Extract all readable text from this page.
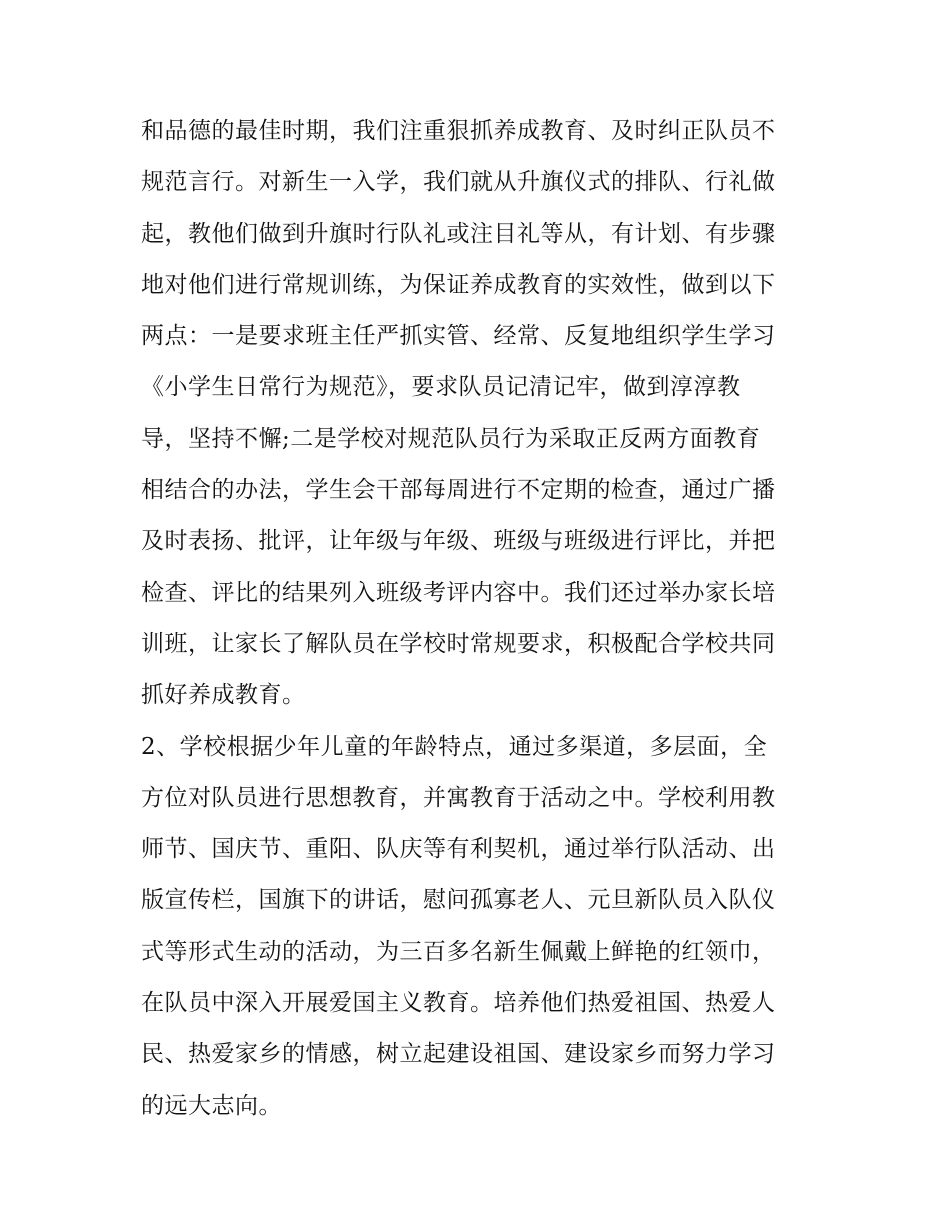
和品德的最佳时期，我们注重狠抓养成教育、及时纠正队员不
规范言行。对新生一入学，我们就从升旗仪式的排队、行礼做
起，教他们做到升旗时行队礼或注目礼等从，有计划、有步骤
地对他们进行常规训练，为保证养成教育的实效性，做到以下
两点：一是要求班主任严抓实管、经常、反复地组织学生学习
《小学生日常行为规范》，要求队员记清记牢，做到淳淳教
导，坚持不懈;二是学校对规范队员行为采取正反两方面教育
相结合的办法，学生会干部每周进行不定期的检查，通过广播
及时表扬、批评，让年级与年级、班级与班级进行评比，并把
检查、评比的结果列入班级考评内容中。我们还过举办家长培
训班，让家长了解队员在学校时常规要求，积极配合学校共同
抓好养成教育。
2、学校根据少年儿童的年龄特点，通过多渠道，多层面，全
方位对队员进行思想教育，并寓教育于活动之中。学校利用教
师节、国庆节、重阳、队庆等有利契机，通过举行队活动、出
版宣传栏，国旗下的讲话，慰问孤寡老人、元旦新队员入队仪
式等形式生动的活动，为三百多名新生佩戴上鲜艳的红领巾，
在队员中深入开展爱国主义教育。培养他们热爱祖国、热爱人
民、热爱家乡的情感，树立起建设祖国、建设家乡而努力学习
的远大志向。
